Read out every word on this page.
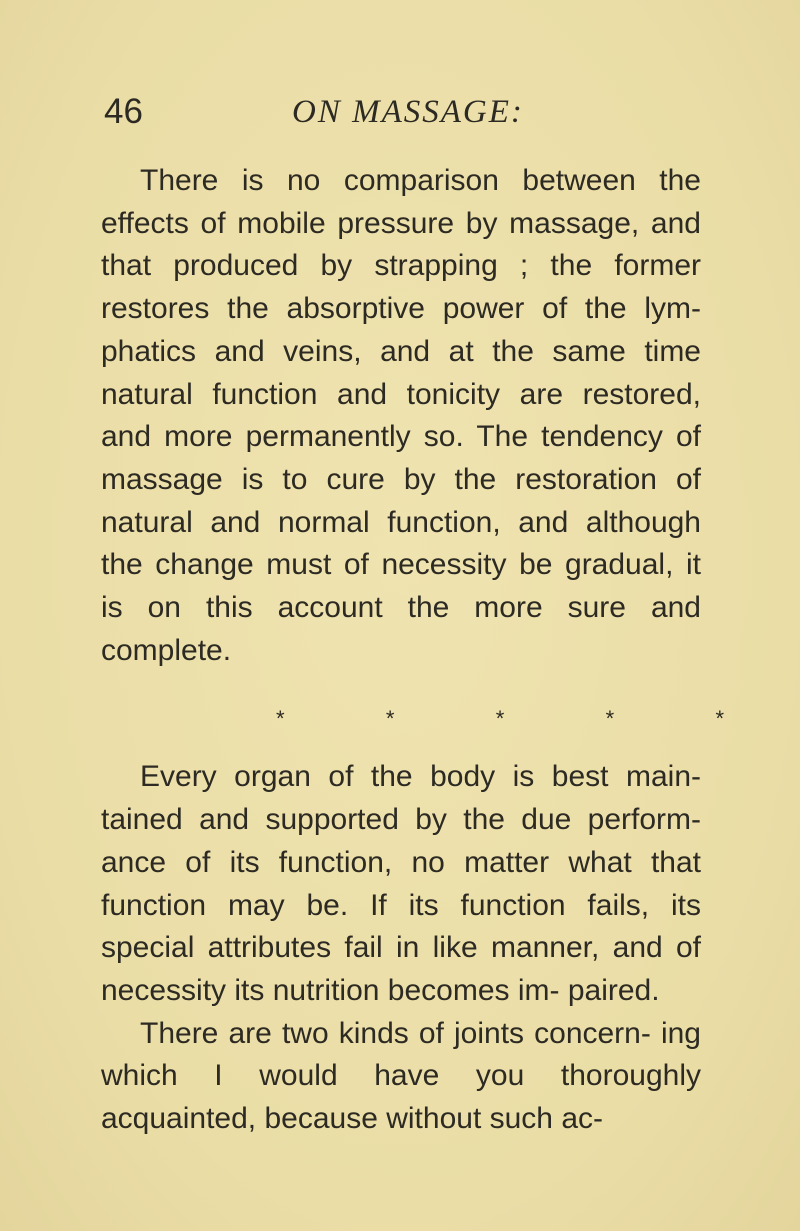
46	ON MASSAGE:

There is no comparison between the effects of mobile pressure by massage, and that produced by strapping ; the former restores the absorptive power of the lym- phatics and veins, and at the same time natural function and tonicity are restored, and more permanently so. The tendency of massage is to cure by the restoration of natural and normal function, and although the change must of necessity be gradual, it is on this account the more sure and complete.

*	*	*	*	*

Every organ of the body is best main- tained and supported by the due perform- ance of its function, no matter what that function may be. If its function fails, its special attributes fail in like manner, and of necessity its nutrition becomes im- paired.

There are two kinds of joints concern- ing which I would have you thoroughly acquainted, because without such ac-
